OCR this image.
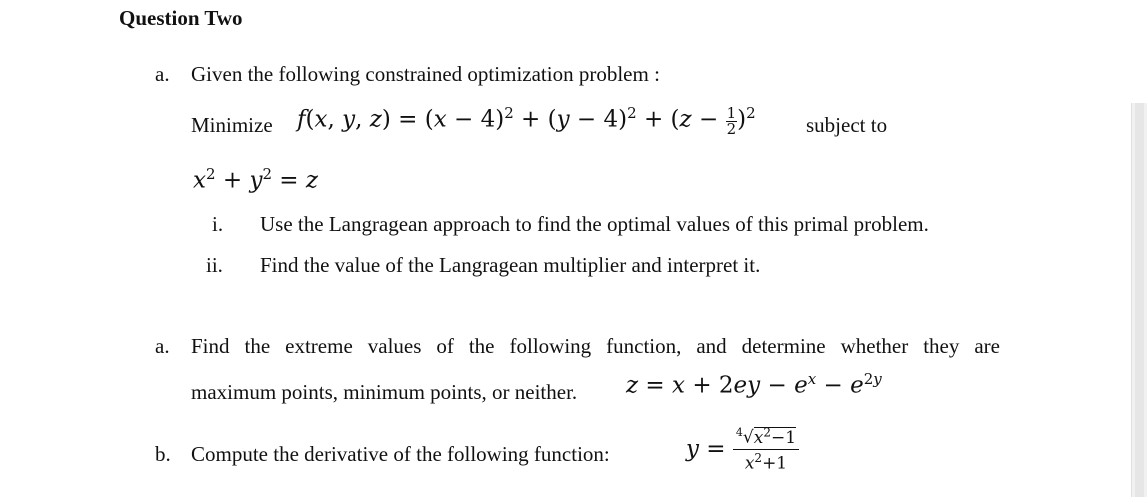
Question Two
a. Given the following constrained optimization problem :
Minimize f(x, y, $z) = (x - 4)^2 + (y - 4)^2 + (z - \frac{1}{2} )^2$ subject to
$x^2 + y^2 = z$
i. Use the Langragean approach to find the optimal values of this primal problem.
ii. Find the value of the Langragean multiplier and interpret it.
a. Find the extreme values of the following function, and determine whether they are
maximum points, minimum points, or neither. $z = x + 2ey - e^x - e^{2y}$
b. Compute the derivative of the following function:	$y = \frac{^4√x^2-1}{x^2+1}$
